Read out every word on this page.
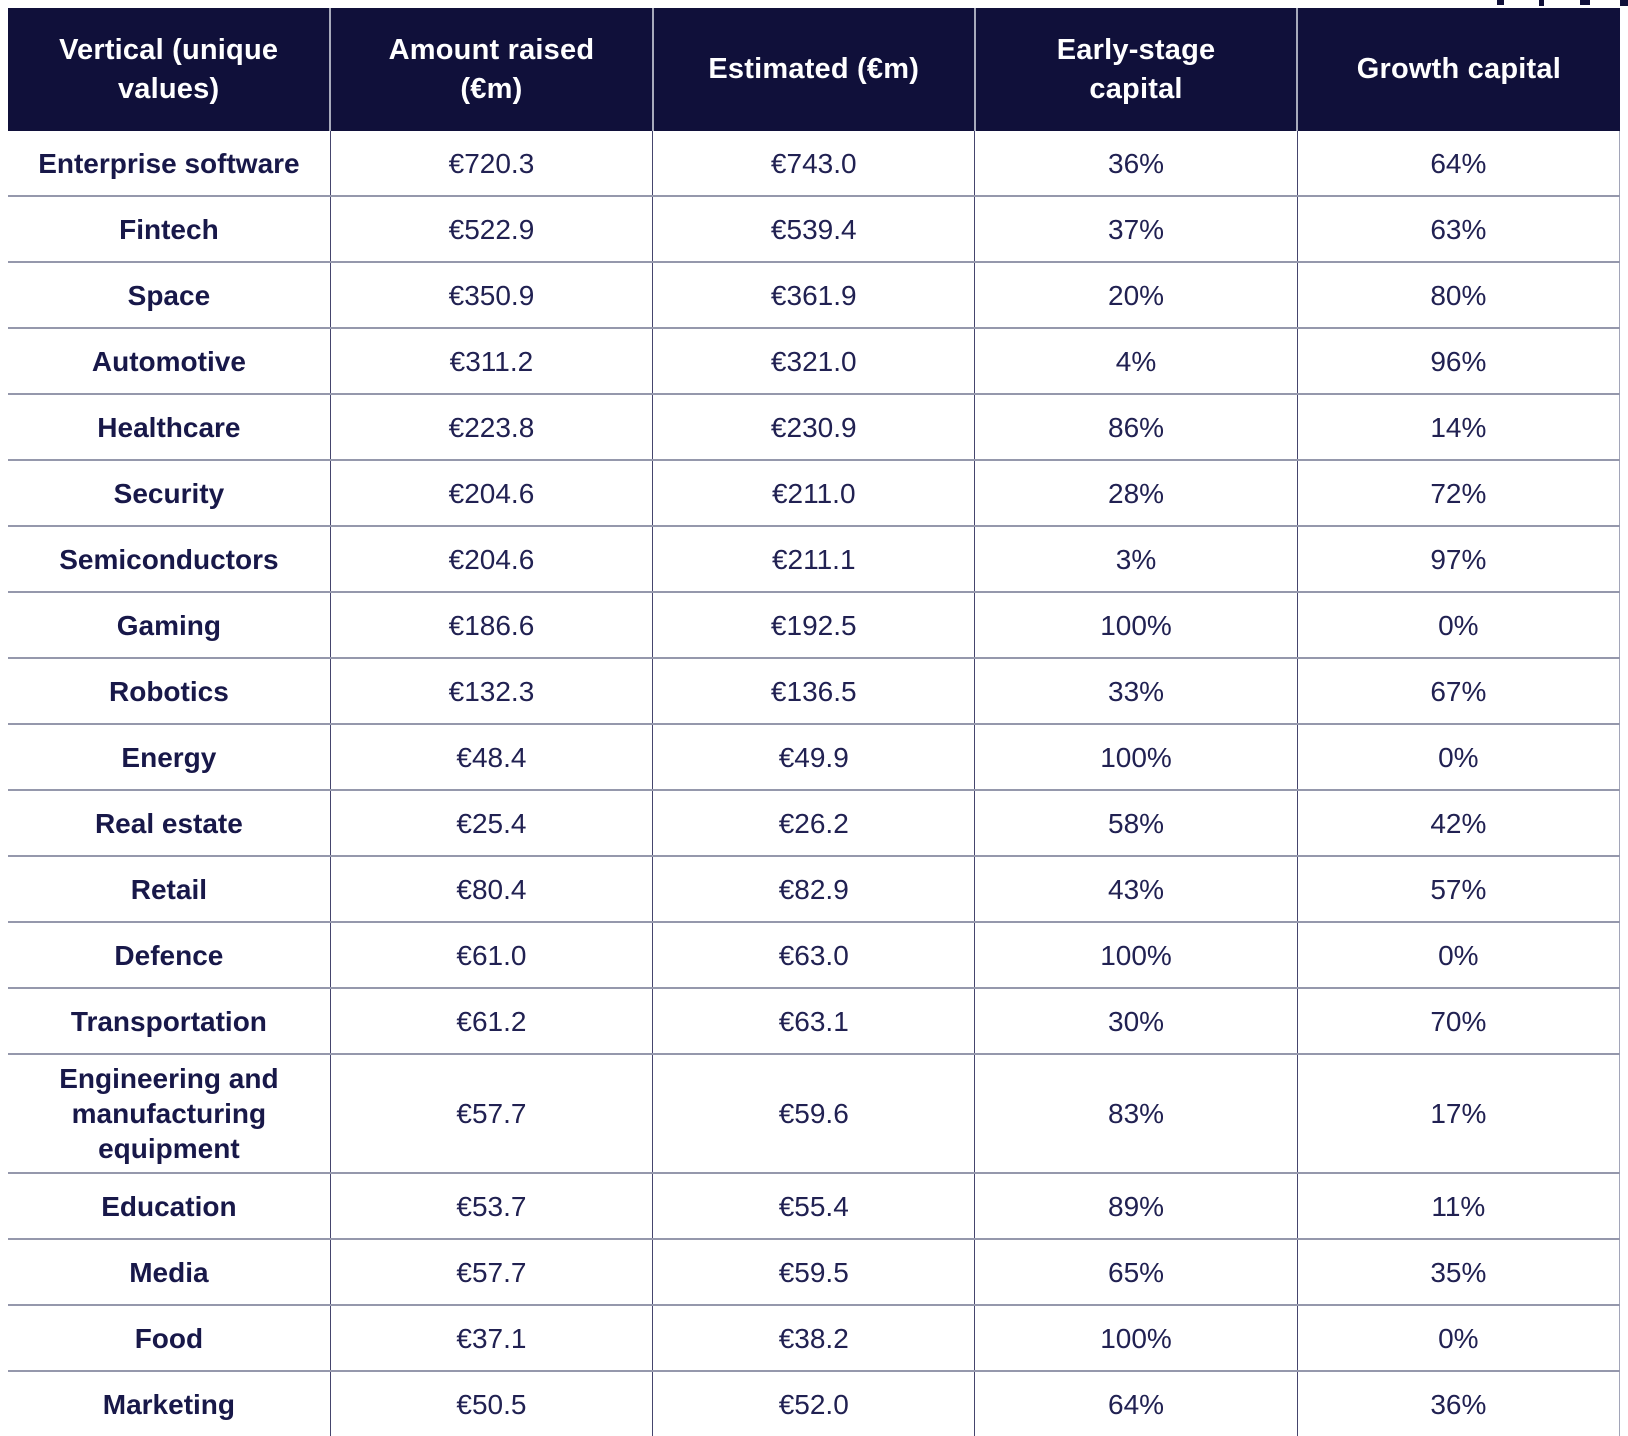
Vertical (unique values)	Amount raised (€m)	Estimated (€m)	Early-stage capital	Growth capital
Enterprise software	€720.3	€743.0	36%	64%
Fintech	€522.9	€539.4	37%	63%
Space	€350.9	€361.9	20%	80%
Automotive	€311.2	€321.0	4%	96%
Healthcare	€223.8	€230.9	86%	14%
Security	€204.6	€211.0	28%	72%
Semiconductors	€204.6	€211.1	3%	97%
Gaming	€186.6	€192.5	100%	0%
Robotics	€132.3	€136.5	33%	67%
Energy	€48.4	€49.9	100%	0%
Real estate	€25.4	€26.2	58%	42%
Retail	€80.4	€82.9	43%	57%
Defence	€61.0	€63.0	100%	0%
Transportation	€61.2	€63.1	30%	70%
Engineering and manufacturing equipment	€57.7	€59.6	83%	17%
Education	€53.7	€55.4	89%	11%
Media	€57.7	€59.5	65%	35%
Food	€37.1	€38.2	100%	0%
Marketing	€50.5	€52.0	64%	36%
